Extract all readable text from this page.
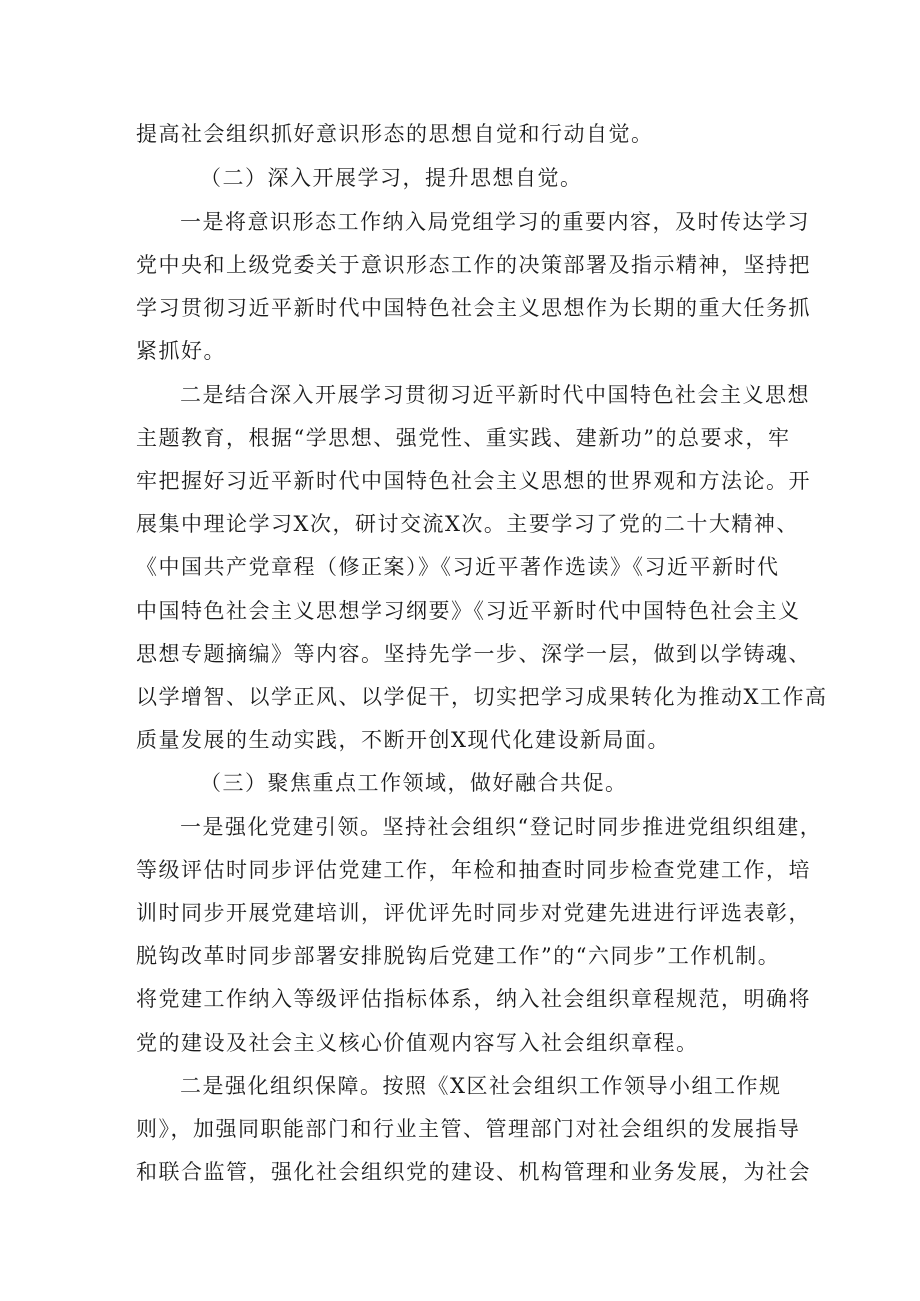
提高社会组织抓好意识形态的思想自觉和行动自觉。

（二）深入开展学习，提升思想自觉。

一是将意识形态工作纳入局党组学习的重要内容，及时传达学习

党中央和上级党委关于意识形态工作的决策部署及指示精神，坚持把

学习贯彻习近平新时代中国特色社会主义思想作为长期的重大任务抓

紧抓好。

二是结合深入开展学习贯彻习近平新时代中国特色社会主义思想

主题教育，根据“学思想、强党性、重实践、建新功”的总要求，牢

牢把握好习近平新时代中国特色社会主义思想的世界观和方法论。开

展集中理论学习X次，研讨交流X次。主要学习了党的二十大精神、

《中国共产党章程（修正案）》《习近平著作选读》《习近平新时代

中国特色社会主义思想学习纲要》《习近平新时代中国特色社会主义

思想专题摘编》等内容。坚持先学一步、深学一层，做到以学铸魂、

以学增智、以学正风、以学促干，切实把学习成果转化为推动X工作高

质量发展的生动实践，不断开创X现代化建设新局面。

（三）聚焦重点工作领域，做好融合共促。

一是强化党建引领。坚持社会组织“登记时同步推进党组织组建，

等级评估时同步评估党建工作，年检和抽查时同步检查党建工作，培

训时同步开展党建培训，评优评先时同步对党建先进进行评选表彰，

脱钩改革时同步部署安排脱钩后党建工作”的“六同步”工作机制。

将党建工作纳入等级评估指标体系，纳入社会组织章程规范，明确将

党的建设及社会主义核心价值观内容写入社会组织章程。

二是强化组织保障。按照《X区社会组织工作领导小组工作规

则》，加强同职能部门和行业主管、管理部门对社会组织的发展指导

和联合监管，强化社会组织党的建设、机构管理和业务发展，为社会
